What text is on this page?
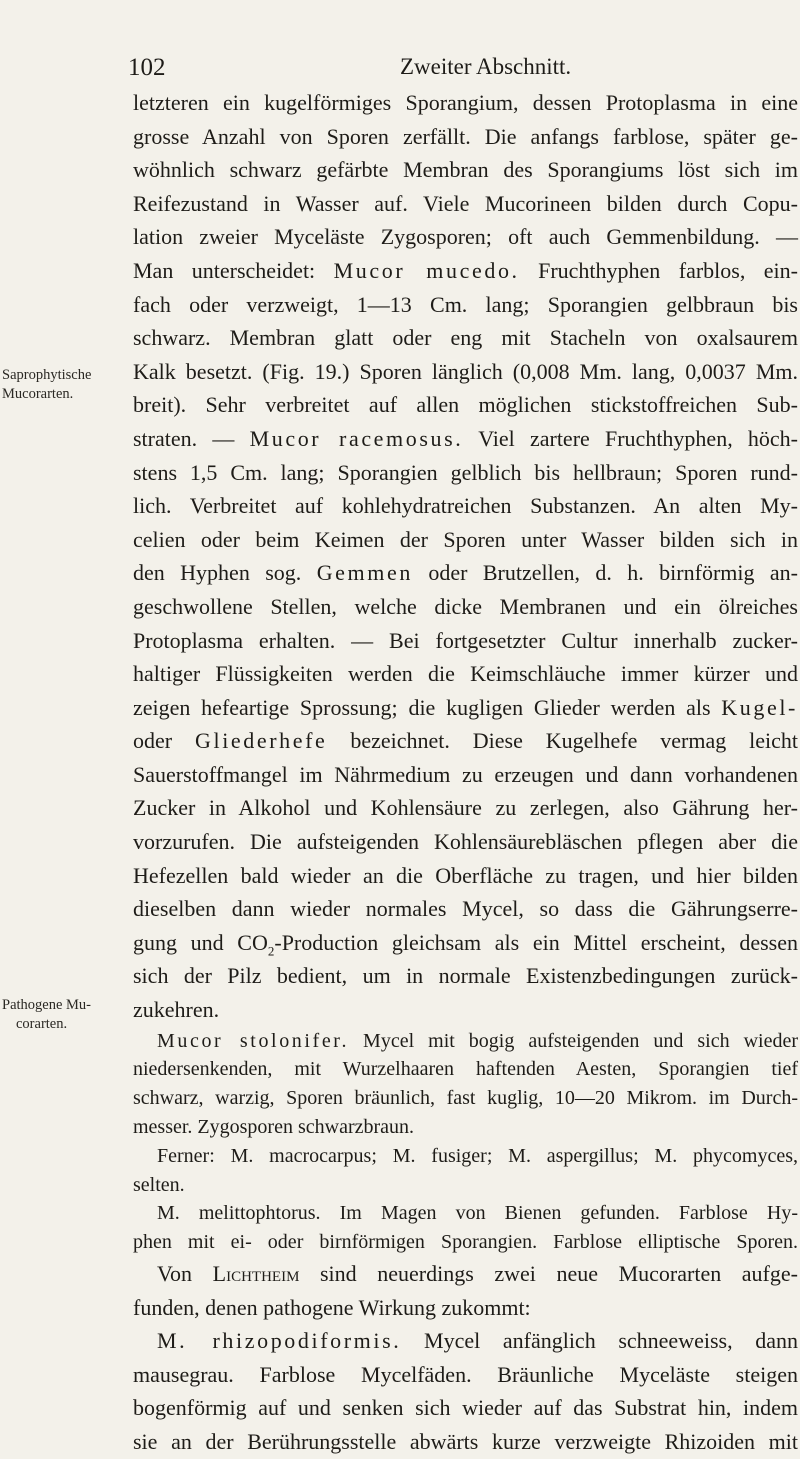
102	Zweiter Abschnitt.
Saprophytische
Mucorarten.
Pathogene Mu-
corarten.
letzteren ein kugelförmiges Sporangium, dessen Protoplasma in eine
grosse Anzahl von Sporen zerfällt. Die anfangs farblose, später ge-
wöhnlich schwarz gefärbte Membran des Sporangiums löst sich im
Reifezustand in Wasser auf. Viele Mucorineen bilden durch Copu-
lation zweier Myceläste Zygosporen; oft auch Gemmenbildung. —
Man unterscheidet: Mucor mucedo. Fruchthyphen farblos, ein-
fach oder verzweigt, 1—13 Cm. lang; Sporangien gelbbraun bis
schwarz. Membran glatt oder eng mit Stacheln von oxalsaurem
Kalk besetzt. (Fig. 19.) Sporen länglich (0,008 Mm. lang, 0,0037 Mm.
breit). Sehr verbreitet auf allen möglichen stickstoffreichen Sub-
straten. — Mucor racemosus. Viel zartere Fruchthyphen, höch-
stens 1,5 Cm. lang; Sporangien gelblich bis hellbraun; Sporen rund-
lich. Verbreitet auf kohlehydratreichen Substanzen. An alten My-
celien oder beim Keimen der Sporen unter Wasser bilden sich in
den Hyphen sog. Gemmen oder Brutzellen, d. h. birnförmig an-
geschwollene Stellen, welche dicke Membranen und ein ölreiches
Protoplasma erhalten. — Bei fortgesetzter Cultur innerhalb zucker-
haltiger Flüssigkeiten werden die Keimschläuche immer kürzer und
zeigen hefeartige Sprossung; die kugligen Glieder werden als Kugel-
oder Gliederhefe bezeichnet. Diese Kugelhefe vermag leicht
Sauerstoffmangel im Nährmedium zu erzeugen und dann vorhandenen
Zucker in Alkohol und Kohlensäure zu zerlegen, also Gährung her-
vorzurufen. Die aufsteigenden Kohlensäurebläschen pflegen aber die
Hefezellen bald wieder an die Oberfläche zu tragen, und hier bilden
dieselben dann wieder normales Mycel, so dass die Gährungserre-
gung und $CO_2$-Production gleichsam als ein Mittel erscheint, dessen
sich der Pilz bedient, um in normale Existenzbedingungen zurück-
zukehren.
Mucor stolonifer. Mycel mit bogig aufsteigenden und sich wieder
niedersenkenden, mit Wurzelhaaren haftenden Aesten, Sporangien tief
schwarz, warzig, Sporen bräunlich, fast kuglig, 10—20 Mikrom. im Durch-
messer. Zygosporen schwarzbraun.
Ferner: M. macrocarpus; M. fusiger; M. aspergillus; M. phycomyces,
selten.
M. melittophtorus. Im Magen von Bienen gefunden. Farblose Hy-
phen mit ei- oder birnförmigen Sporangien. Farblose elliptische Sporen.
Von Lichtheim sind neuerdings zwei neue Mucorarten aufge-
funden, denen pathogene Wirkung zukommt:
M. rhizopodiformis. Mycel anfänglich schneeweiss, dann
mausegrau. Farblose Mycelfäden. Bräunliche Myceläste steigen
bogenförmig auf und senken sich wieder auf das Substrat hin, indem
sie an der Berührungsstelle abwärts kurze verzweigte Rhizoiden mit
